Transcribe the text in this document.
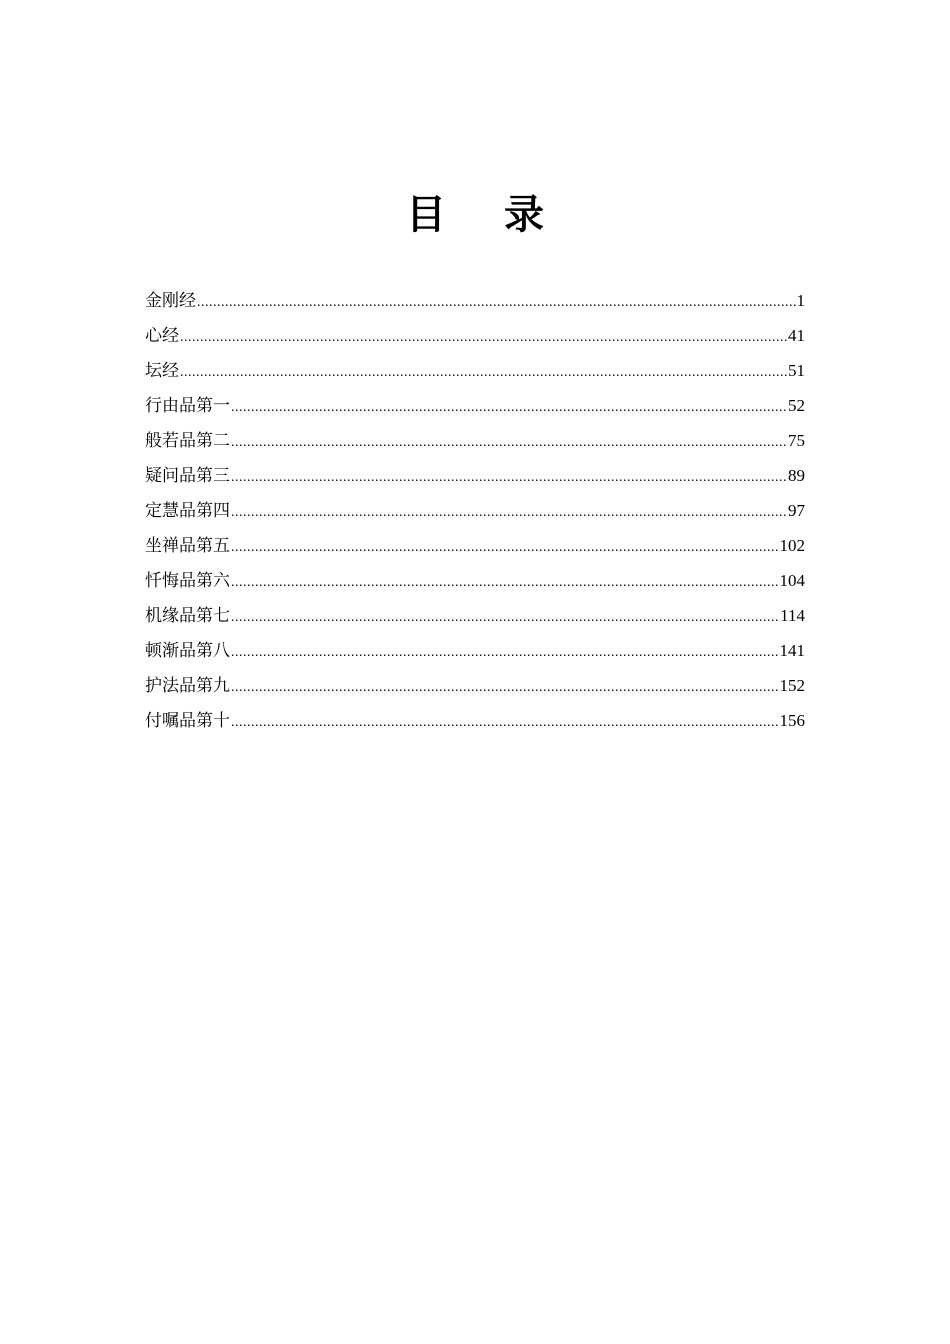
目 录
金刚经 .....	1
心经 .....	41
坛经 .....	51
行由品第一 .....	52
般若品第二 .....	75
疑问品第三 .....	89
定慧品第四 .....	97
坐禅品第五 .....	102
忏悔品第六 .....	104
机缘品第七 .....	114
顿渐品第八 .....	141
护法品第九 .....	152
付嘱品第十 .....	156
